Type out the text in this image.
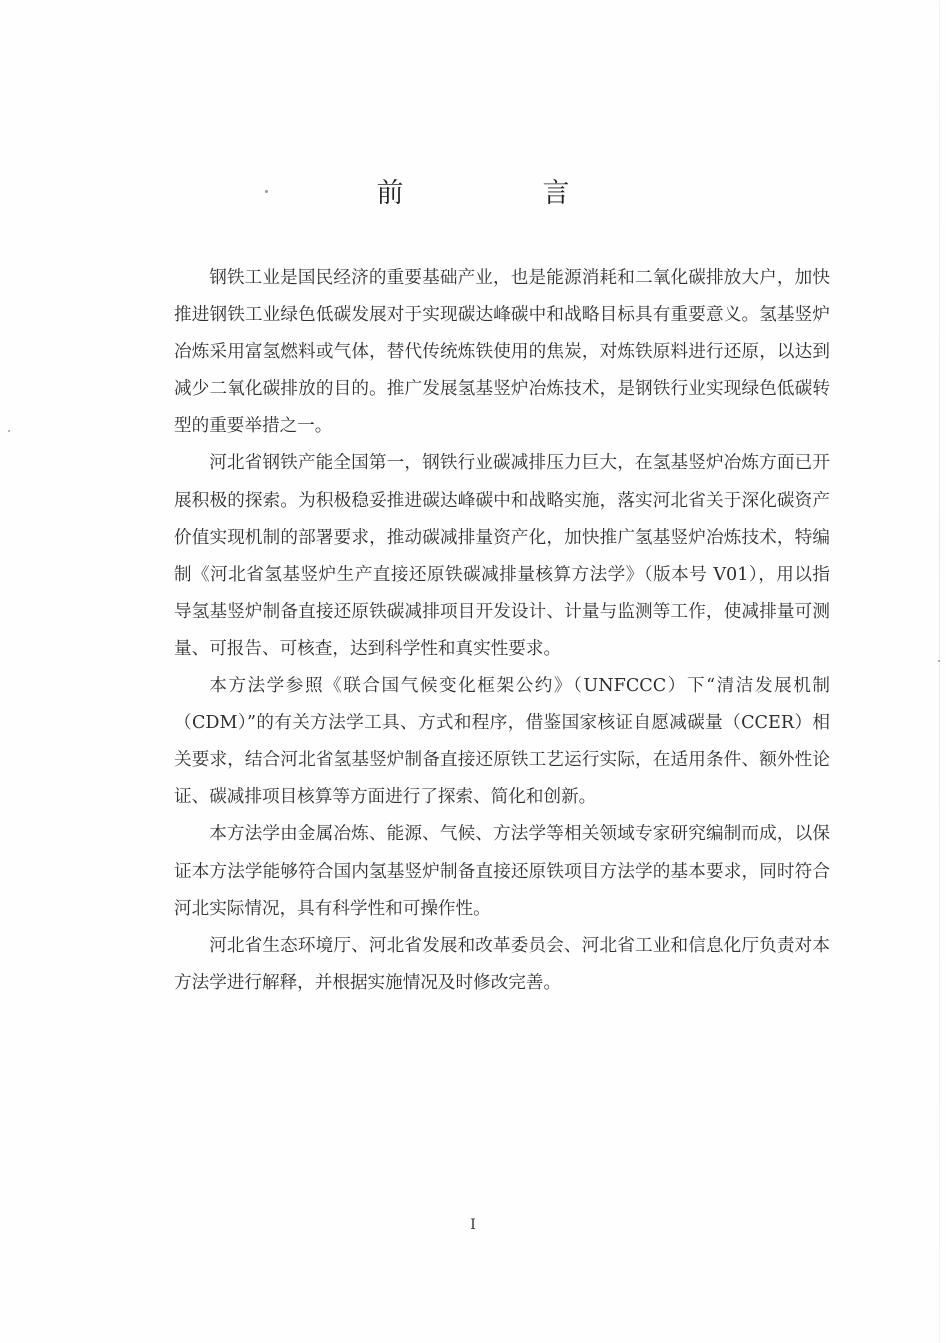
前　言

钢铁工业是国民经济的重要基础产业，也是能源消耗和二氧化碳排放大户，加快推进钢铁工业绿色低碳发展对于实现碳达峰碳中和战略目标具有重要意义。氢基竖炉冶炼采用富氢燃料或气体，替代传统炼铁使用的焦炭，对炼铁原料进行还原，以达到减少二氧化碳排放的目的。推广发展氢基竖炉冶炼技术，是钢铁行业实现绿色低碳转型的重要举措之一。

河北省钢铁产能全国第一，钢铁行业碳减排压力巨大，在氢基竖炉冶炼方面已开展积极的探索。为积极稳妥推进碳达峰碳中和战略实施，落实河北省关于深化碳资产价值实现机制的部署要求，推动碳减排量资产化，加快推广氢基竖炉冶炼技术，特编制《河北省氢基竖炉生产直接还原铁碳减排量核算方法学》（版本号 V01），用以指导氢基竖炉制备直接还原铁碳减排项目开发设计、计量与监测等工作，使减排量可测量、可报告、可核查，达到科学性和真实性要求。

本方法学参照《联合国气候变化框架公约》（UNFCCC）下“清洁发展机制（CDM）”的有关方法学工具、方式和程序，借鉴国家核证自愿减碳量（CCER）相关要求，结合河北省氢基竖炉制备直接还原铁工艺运行实际，在适用条件、额外性论证、碳减排项目核算等方面进行了探索、简化和创新。

本方法学由金属冶炼、能源、气候、方法学等相关领域专家研究编制而成，以保证本方法学能够符合国内氢基竖炉制备直接还原铁项目方法学的基本要求，同时符合河北实际情况，具有科学性和可操作性。

河北省生态环境厅、河北省发展和改革委员会、河北省工业和信息化厅负责对本方法学进行解释，并根据实施情况及时修改完善。

I
